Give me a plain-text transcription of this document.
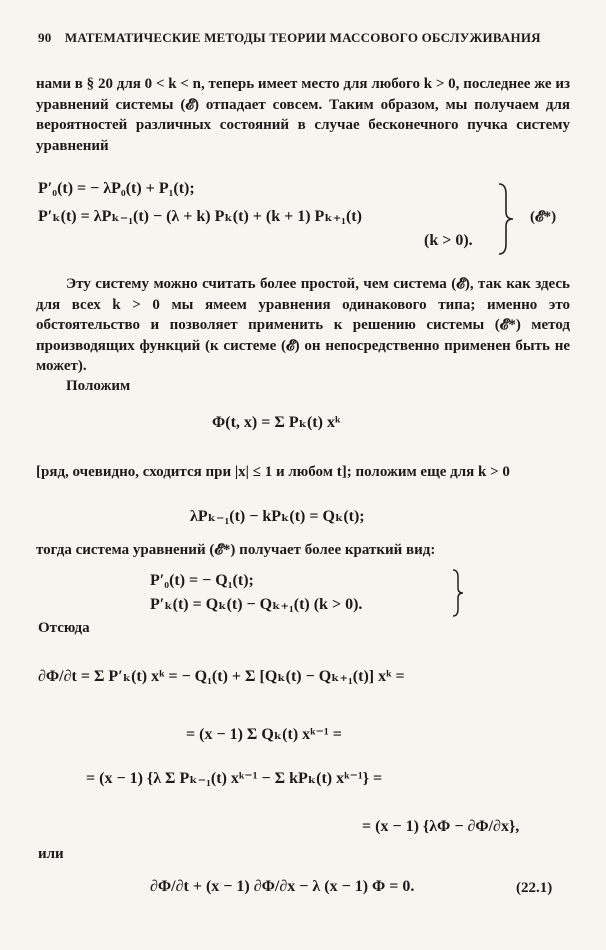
90 МАТЕМАТИЧЕСКИЕ МЕТОДЫ ТЕОРИИ МАССОВОГО ОБСЛУЖИВАНИЯ
нами в § 20 для 0 < k < n, теперь имеет место для любого k > 0, последнее же из уравнений системы (𝓔) отпадает совсем. Таким образом, мы получаем для вероятностей различных состояний в случае бесконечного пучка систему уравнений
P′₀(t) = − λP₀(t) + P₁(t);
P′ₖ(t) = λPₖ₋₁(t) − (λ + k) Pₖ(t) + (k + 1) Pₖ₊₁(t)
(k > 0).
(𝓔*)
Эту систему можно считать более простой, чем система (𝓔), так как здесь для всех k > 0 мы ямеем уравнения одинакового типа; именно это обстоятельство и позволяет применить к решению системы (𝓔*) метод производящих функций (к системе (𝓔) он непосредственно применен быть не может).
Положим
Φ(t, x) = Σ Pₖ(t) xᵏ
[ряд, очевидно, сходится при |x| ≤ 1 и любом t]; положим еще для k > 0
λPₖ₋₁(t) − kPₖ(t) = Qₖ(t);
тогда система уравнений (𝓔*) получает более краткий вид:
P′₀(t) = − Q₁(t);
P′ₖ(t) = Qₖ(t) − Qₖ₊₁(t) (k > 0).
Отсюда
∂Φ/∂t = Σ P′ₖ(t) xᵏ = − Q₁(t) + Σ [Qₖ(t) − Qₖ₊₁(t)] xᵏ =
= (x − 1) Σ Qₖ(t) xᵏ⁻¹ =
= (x − 1) {λ Σ Pₖ₋₁(t) xᵏ⁻¹ − Σ kPₖ(t) xᵏ⁻¹} =
= (x − 1) {λΦ − ∂Φ/∂x},
или
∂Φ/∂t + (x − 1) ∂Φ/∂x − λ (x − 1) Φ = 0.	(22.1)
